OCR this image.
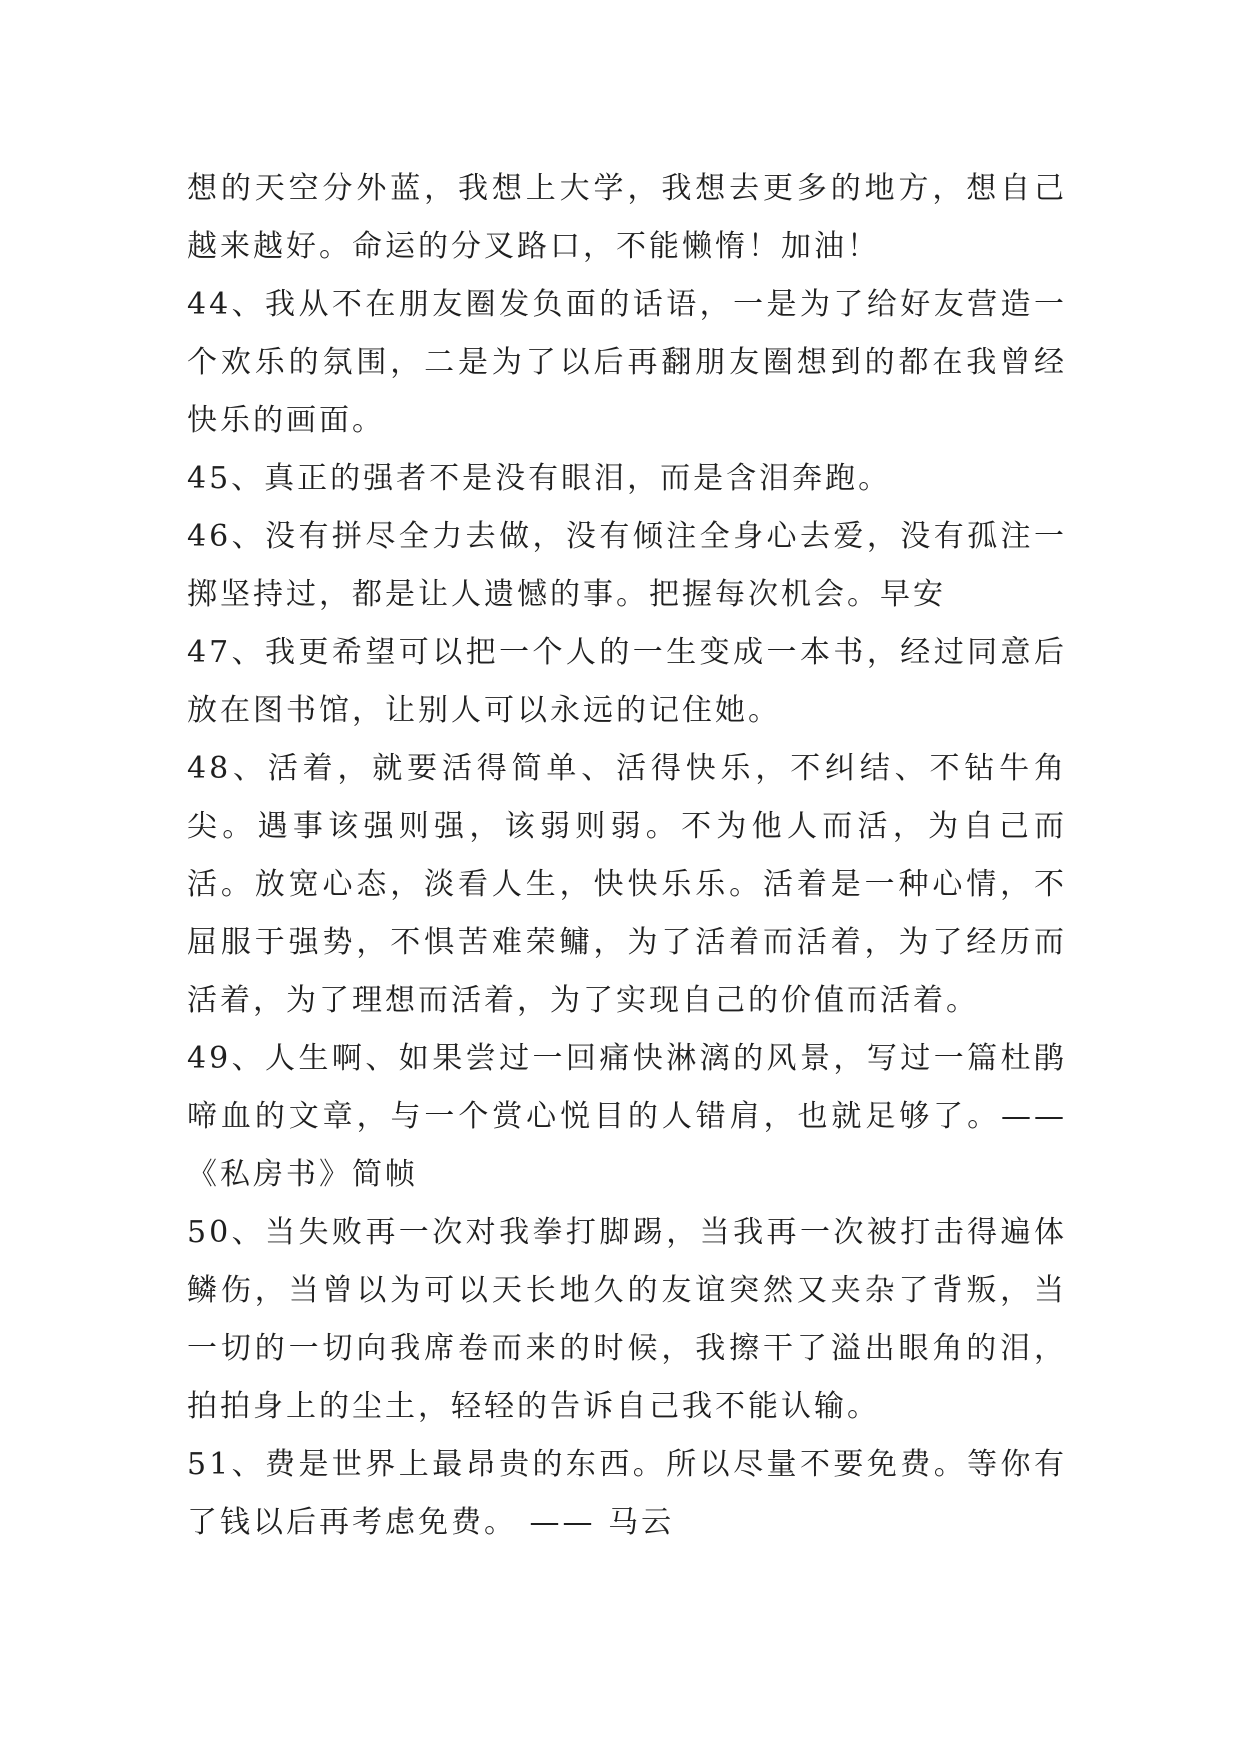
想的天空分外蓝，我想上大学，我想去更多的地方，想自己越来越好。命运的分叉路口，不能懒惰！加油！

44、我从不在朋友圈发负面的话语，一是为了给好友营造一个欢乐的氛围，二是为了以后再翻朋友圈想到的都在我曾经快乐的画面。

45、真正的强者不是没有眼泪，而是含泪奔跑。

46、没有拼尽全力去做，没有倾注全身心去爱，没有孤注一掷坚持过，都是让人遗憾的事。把握每次机会。早安

47、我更希望可以把一个人的一生变成一本书，经过同意后放在图书馆，让别人可以永远的记住她。

48、活着，就要活得简单、活得快乐，不纠结、不钻牛角尖。遇事该强则强，该弱则弱。不为他人而活，为自己而活。放宽心态，淡看人生，快快乐乐。活着是一种心情，不屈服于强势，不惧苦难荣鳙，为了活着而活着，为了经历而活着，为了理想而活着，为了实现自己的价值而活着。

49、人生啊、如果尝过一回痛快淋漓的风景，写过一篇杜鹃啼血的文章，与一个赏心悦目的人错肩，也就足够了。——《私房书》简帧

50、当失败再一次对我拳打脚踢，当我再一次被打击得遍体鳞伤，当曾以为可以天长地久的友谊突然又夹杂了背叛，当一切的一切向我席卷而来的时候，我擦干了溢出眼角的泪，拍拍身上的尘土，轻轻的告诉自己我不能认输。

51、费是世界上最昂贵的东西。所以尽量不要免费。等你有了钱以后再考虑免费。 —— 马云
